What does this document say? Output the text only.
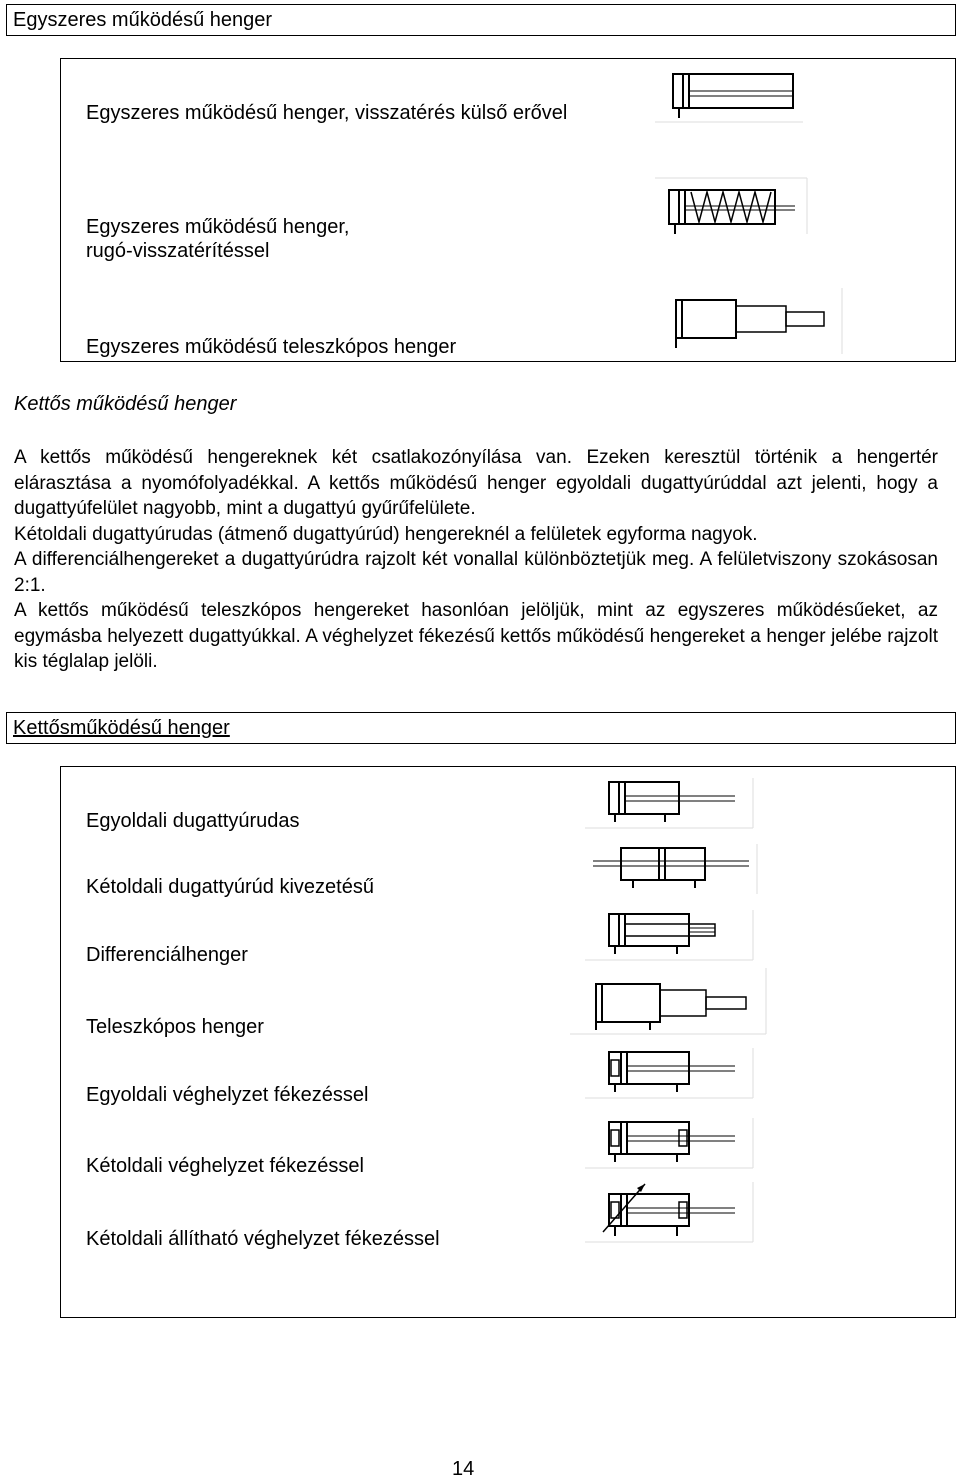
Egyszeres működésű henger
Egyszeres működésű henger, visszatérés külső erővel
Egyszeres működésű henger,
rugó-visszatérítéssel
Egyszeres működésű teleszkópos henger
Kettős működésű henger

A kettős működésű hengereknek két csatlakozónyílása van. Ezeken keresztül történik a hengertér elárasztása a nyomófolyadékkal. A kettős működésű henger egyoldali dugattyúrúddal azt jelenti, hogy a dugattyúfelület nagyobb, mint a dugattyú gyűrűfelülete.

Kétoldali dugattyúrudas (átmenő dugattyúrúd) hengereknél a felületek egyforma nagyok.

A differenciálhengereket a dugattyúrúdra rajzolt két vonallal különböztetjük meg. A felületviszony szokásosan 2:1.

A kettős működésű teleszkópos hengereket hasonlóan jelöljük, mint az egyszeres működésűeket, az egymásba helyezett dugattyúkkal. A véghelyzet fékezésű kettős működésű hengereket a henger jelébe rajzolt kis téglalap jelöli.

Kettősműködésű henger
Egyoldali dugattyúrudas
Kétoldali dugattyúrúd kivezetésű
Differenciálhenger
Teleszkópos henger
Egyoldali véghelyzet fékezéssel
Kétoldali véghelyzet fékezéssel
Kétoldali állítható véghelyzet fékezéssel
14
